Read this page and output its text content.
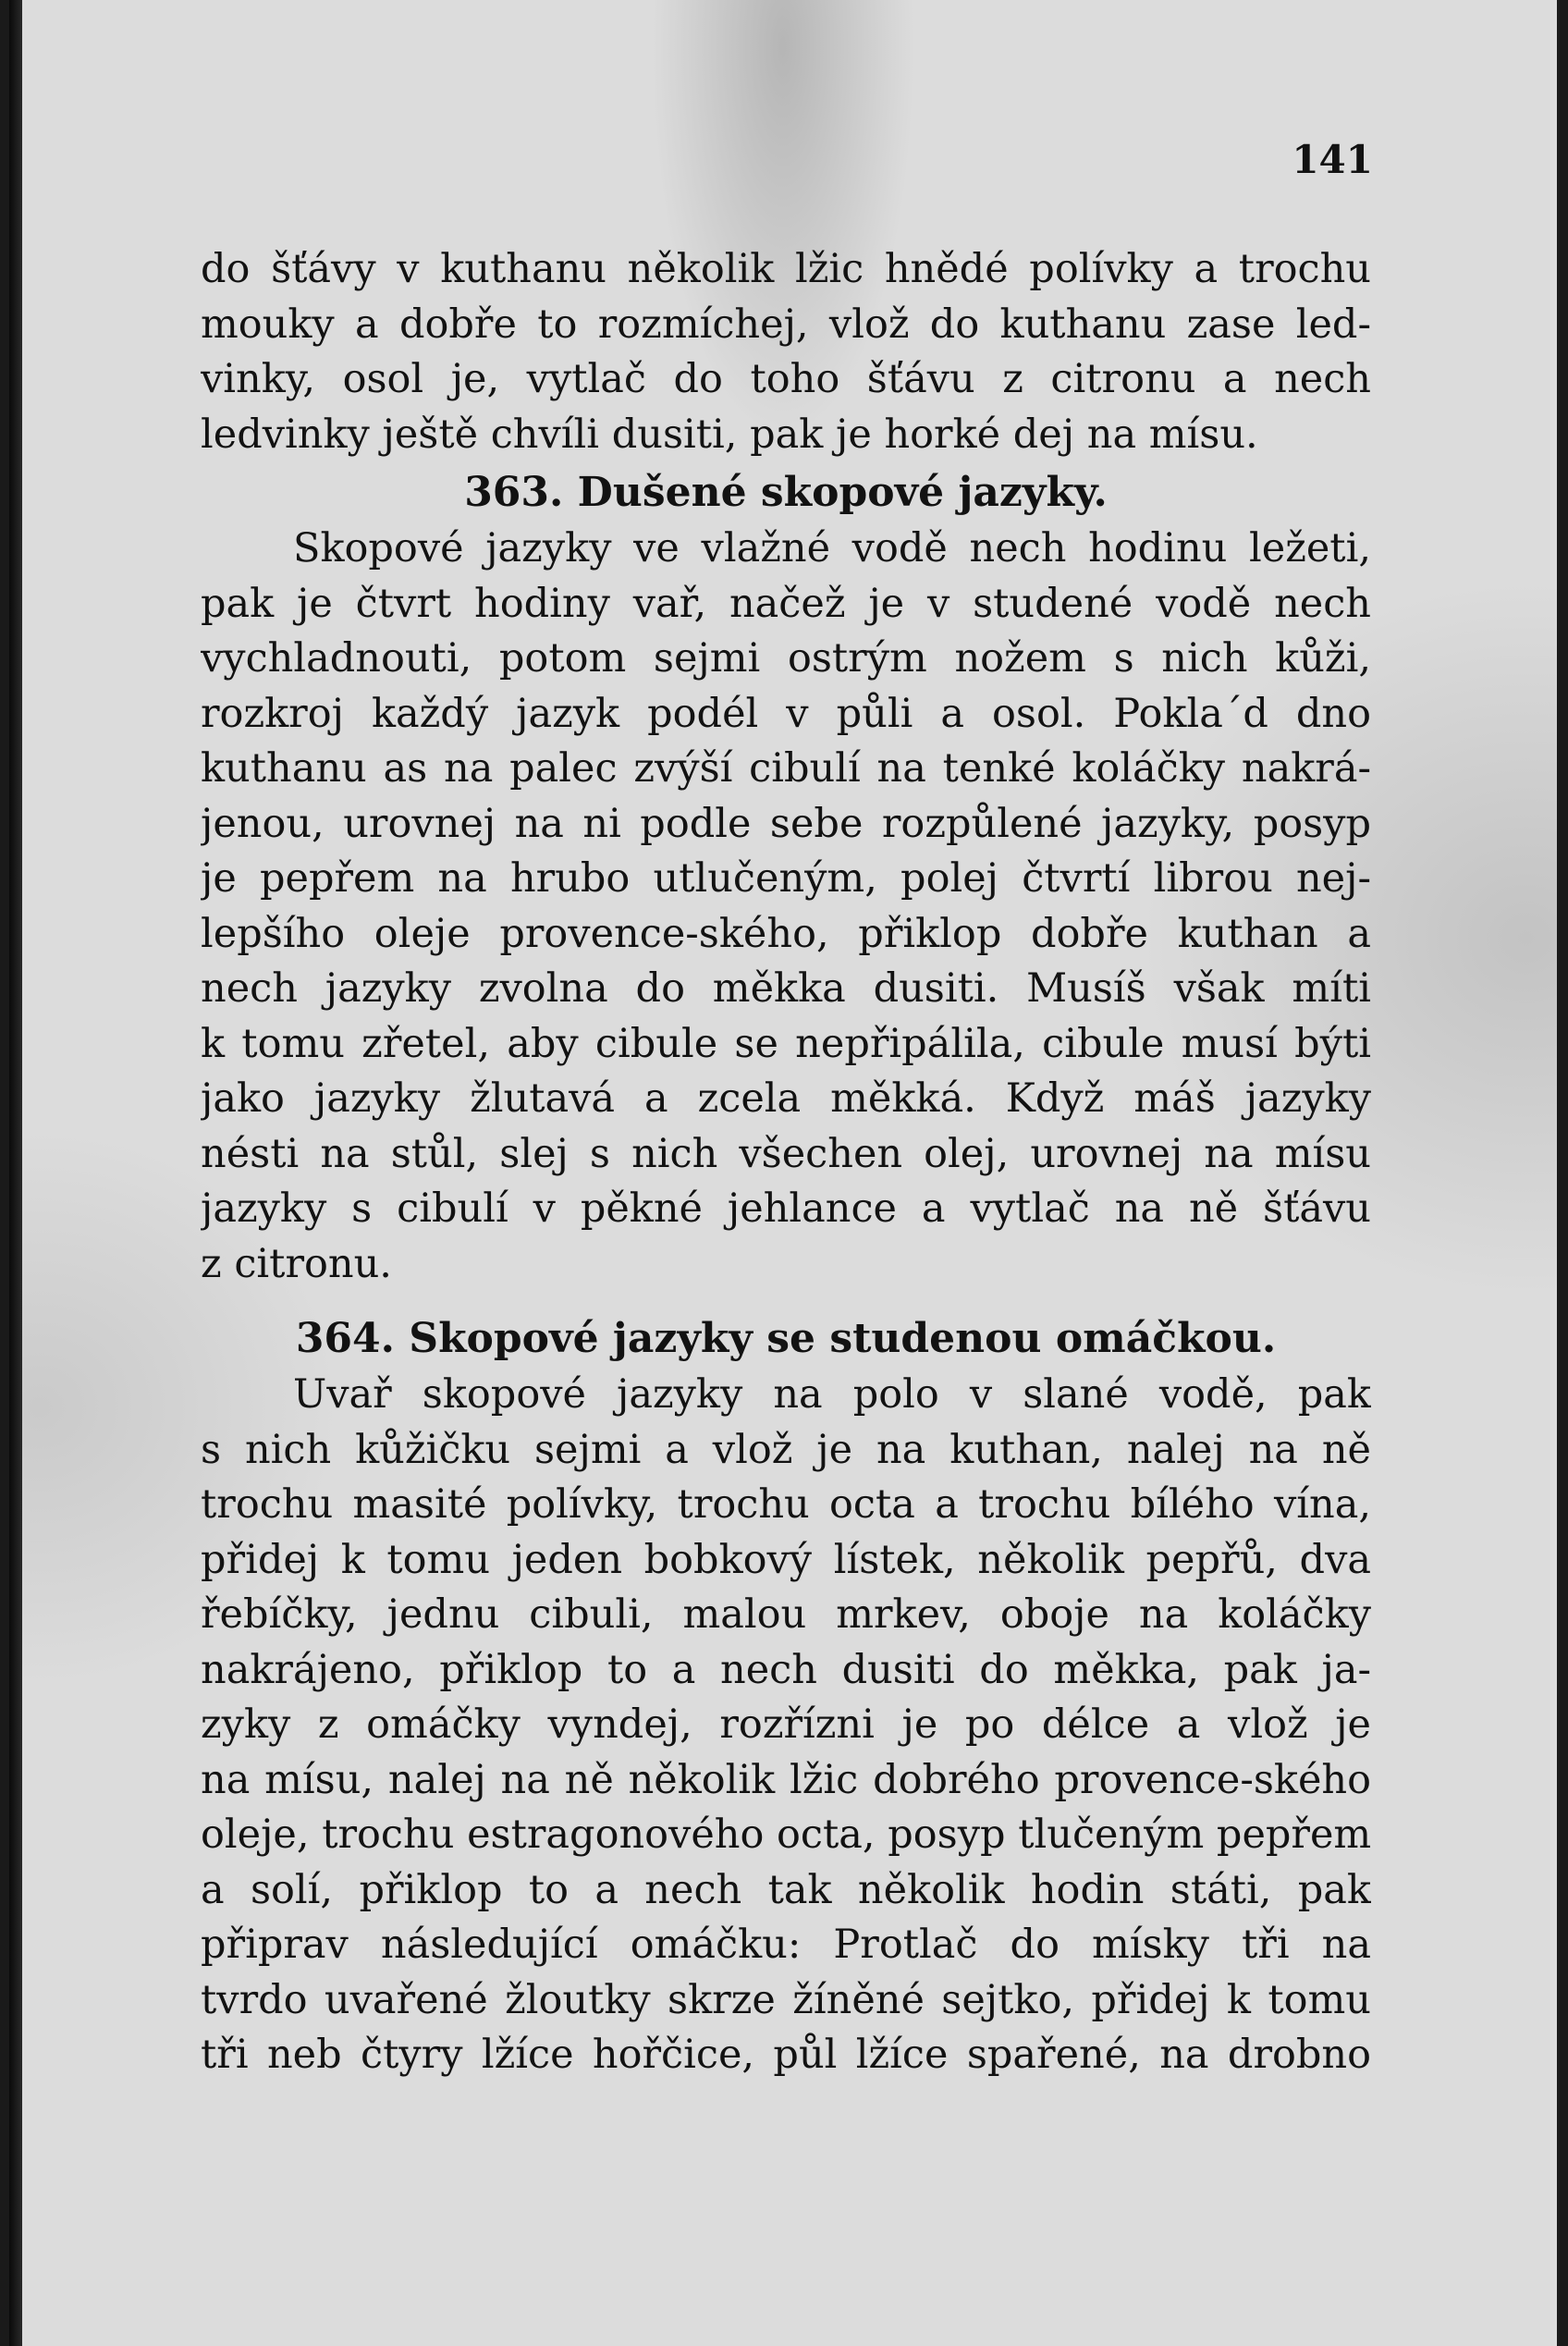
141
do šťávy v kuthanu několik lžic hnědé polívky a trochu
mouky a dobře to rozmíchej, vlož do kuthanu zase led-
vinky, osol je, vytlač do toho šťávu z citronu a nech
ledvinky ještě chvíli dusiti, pak je horké dej na mísu.
363. Dušené skopové jazyky.
Skopové jazyky ve vlažné vodě nech hodinu ležeti,
pak je čtvrt hodiny vař, načež je v studené vodě nech
vychladnouti, potom sejmi ostrým nožem s nich kůži,
rozkroj každý jazyk podél v půli a osol. Pokla´d dno
kuthanu as na palec zvýší cibulí na tenké koláčky nakrá-
jenou, urovnej na ni podle sebe rozpůlené jazyky, posyp
je pepřem na hrubo utlučeným, polej čtvrtí librou nej-
lepšího oleje provence-ského, přiklop dobře kuthan a
nech jazyky zvolna do měkka dusiti. Musíš však míti
k tomu zřetel, aby cibule se nepřipálila, cibule musí býti
jako jazyky žlutavá a zcela měkká. Když máš jazyky
nésti na stůl, slej s nich všechen olej, urovnej na mísu
jazyky s cibulí v pěkné jehlance a vytlač na ně šťávu
z citronu.
364. Skopové jazyky se studenou omáčkou.
Uvař skopové jazyky na polo v slané vodě, pak
s nich kůžičku sejmi a vlož je na kuthan, nalej na ně
trochu masité polívky, trochu octa a trochu bílého vína,
přidej k tomu jeden bobkový lístek, několik pepřů, dva
řebíčky, jednu cibuli, malou mrkev, oboje na koláčky
nakrájeno, přiklop to a nech dusiti do měkka, pak ja-
zyky z omáčky vyndej, rozřízni je po délce a vlož je
na mísu, nalej na ně několik lžic dobrého provence-ského
oleje, trochu estragonového octa, posyp tlučeným pepřem
a solí, přiklop to a nech tak několik hodin státi, pak
připrav následující omáčku: Protlač do mísky tři na
tvrdo uvařené žloutky skrze žíněné sejtko, přidej k tomu
tři neb čtyry lžíce hořčice, půl lžíce spařené, na drobno
